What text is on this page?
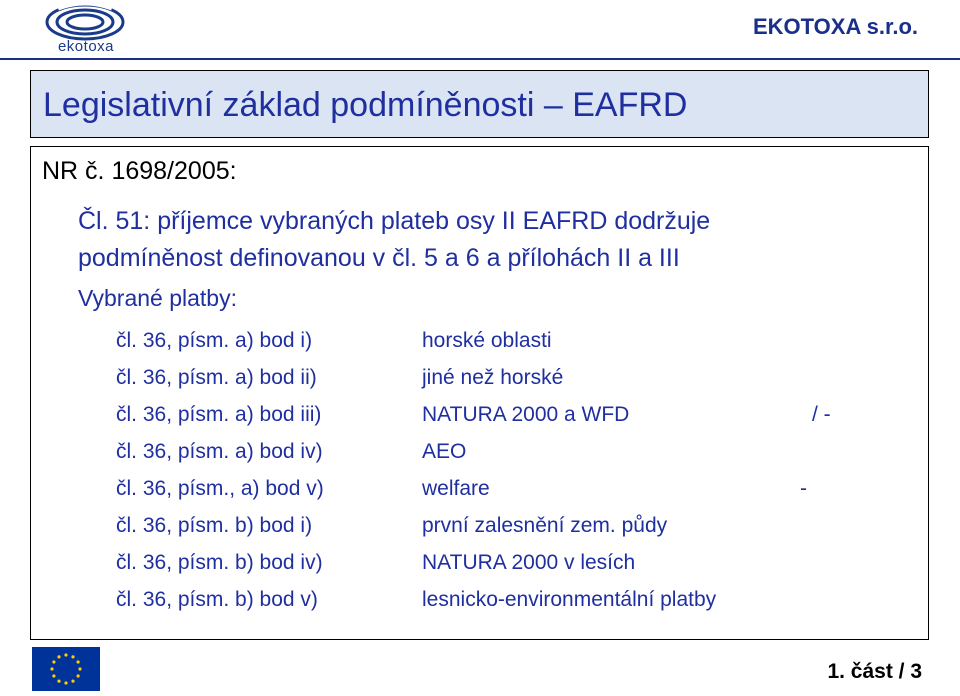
ekotoxa
EKOTOXA s.r.o.
Legislativní základ podmíněnosti – EAFRD
NR č. 1698/2005:
Čl. 51: příjemce vybraných plateb osy II EAFRD dodržuje
podmíněnost definovanou v čl. 5 a 6 a přílohách II a III
Vybrané platby:
čl. 36, písm. a) bod i)	horské oblasti
čl. 36, písm. a) bod ii)	jiné než horské
čl. 36, písm. a) bod iii)	NATURA 2000 a WFD	/ -
čl. 36, písm. a) bod iv)	AEO
čl. 36, písm., a) bod v)	welfare	-
čl. 36, písm. b) bod i)	první zalesnění zem. půdy
čl. 36, písm. b) bod iv)	NATURA 2000 v lesích
čl. 36, písm. b) bod v)	lesnicko-environmentální platby
1. část / 3
